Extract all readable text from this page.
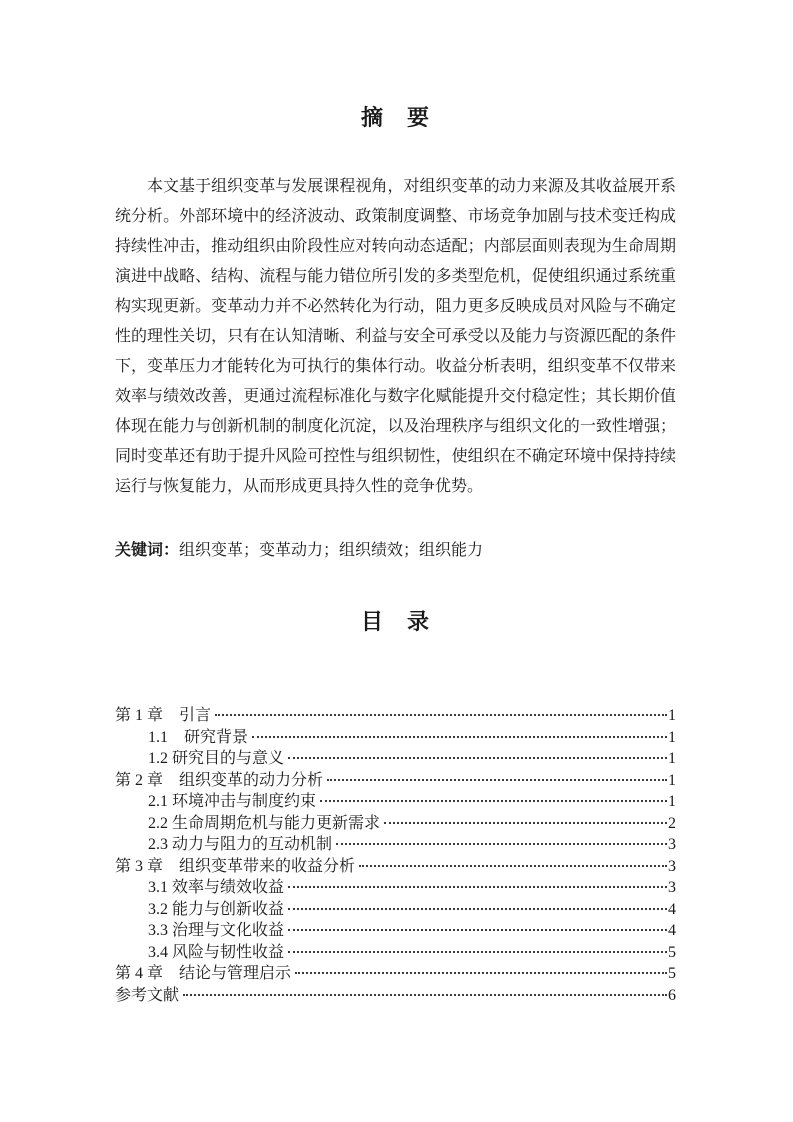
摘　要

本文基于组织变革与发展课程视角，对组织变革的动力来源及其收益展开系统分析。外部环境中的经济波动、政策制度调整、市场竞争加剧与技术变迁构成持续性冲击，推动组织由阶段性应对转向动态适配；内部层面则表现为生命周期演进中战略、结构、流程与能力错位所引发的多类型危机，促使组织通过系统重构实现更新。变革动力并不必然转化为行动，阻力更多反映成员对风险与不确定性的理性关切，只有在认知清晰、利益与安全可承受以及能力与资源匹配的条件下，变革压力才能转化为可执行的集体行动。收益分析表明，组织变革不仅带来效率与绩效改善，更通过流程标准化与数字化赋能提升交付稳定性；其长期价值体现在能力与创新机制的制度化沉淀，以及治理秩序与组织文化的一致性增强；同时变革还有助于提升风险可控性与组织韧性，使组织在不确定环境中保持持续运行与恢复能力，从而形成更具持久性的竞争优势。

关键词：组织变革；变革动力；组织绩效；组织能力

目　录
第 1 章　引言	1
1.1　研究背景	1
1.2 研究目的与意义	1
第 2 章　组织变革的动力分析	1
2.1 环境冲击与制度约束	1
2.2 生命周期危机与能力更新需求	2
2.3 动力与阻力的互动机制	3
第 3 章　组织变革带来的收益分析	3
3.1 效率与绩效收益	3
3.2 能力与创新收益	4
3.3 治理与文化收益	4
3.4 风险与韧性收益	5
第 4 章　结论与管理启示	5
参考文献	6
